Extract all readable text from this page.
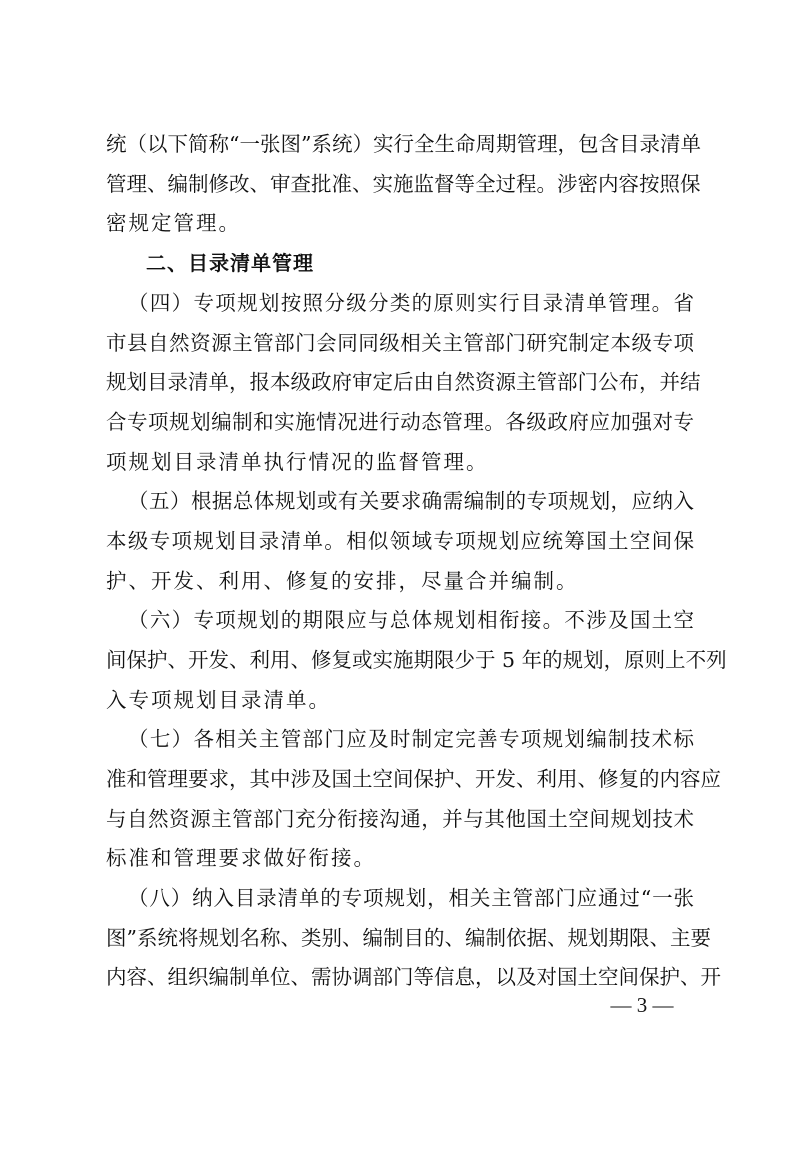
统（以下简称“一张图”系统）实行全生命周期管理，包含目录清单
管理、编制修改、审查批准、实施监督等全过程。涉密内容按照保
密规定管理。
二、目录清单管理
（四）专项规划按照分级分类的原则实行目录清单管理。省
市县自然资源主管部门会同同级相关主管部门研究制定本级专项
规划目录清单，报本级政府审定后由自然资源主管部门公布，并结
合专项规划编制和实施情况进行动态管理。各级政府应加强对专
项规划目录清单执行情况的监督管理。
（五）根据总体规划或有关要求确需编制的专项规划，应纳入
本级专项规划目录清单。相似领域专项规划应统筹国土空间保
护、开发、利用、修复的安排，尽量合并编制。
（六）专项规划的期限应与总体规划相衔接。不涉及国土空
间保护、开发、利用、修复或实施期限少于 5 年的规划，原则上不列
入专项规划目录清单。
（七）各相关主管部门应及时制定完善专项规划编制技术标
准和管理要求，其中涉及国土空间保护、开发、利用、修复的内容应
与自然资源主管部门充分衔接沟通，并与其他国土空间规划技术
标准和管理要求做好衔接。
（八）纳入目录清单的专项规划，相关主管部门应通过“一张
图”系统将规划名称、类别、编制目的、编制依据、规划期限、主要
内容、组织编制单位、需协调部门等信息，以及对国土空间保护、开
— 3 —
